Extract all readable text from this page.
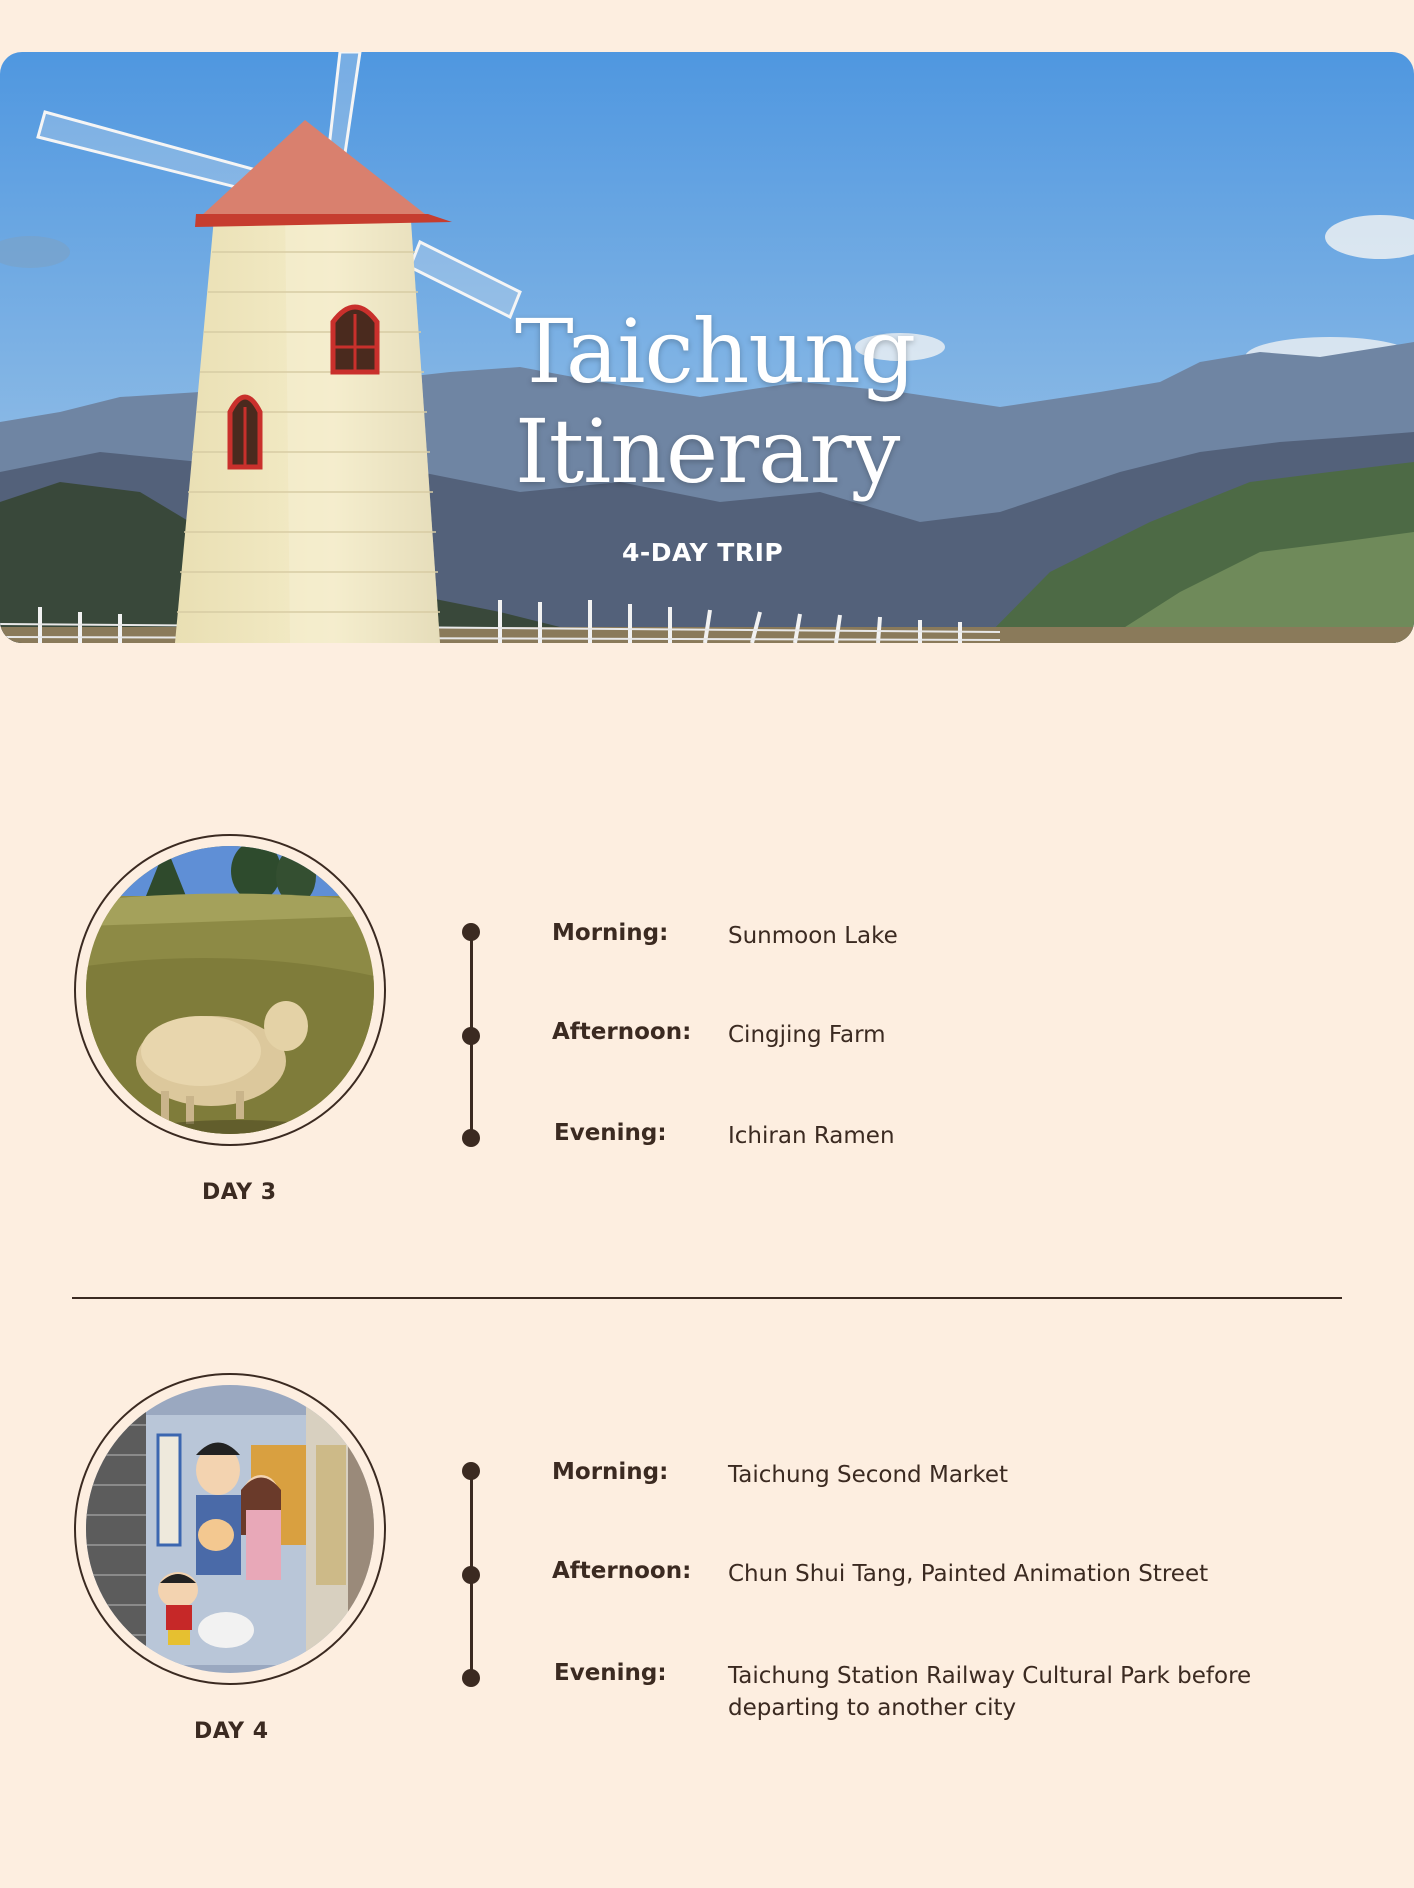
Taichung
Itinerary
4-DAY TRIP
DAY 3
Morning:	Sunmoon Lake
Afternoon: Cingjing Farm
Evening:	Ichiran Ramen
DAY 4
Morning:	Taichung Second Market
Afternoon: Chun Shui Tang, Painted Animation Street
Evening:	Taichung Station Railway Cultural Park before departing to another city
